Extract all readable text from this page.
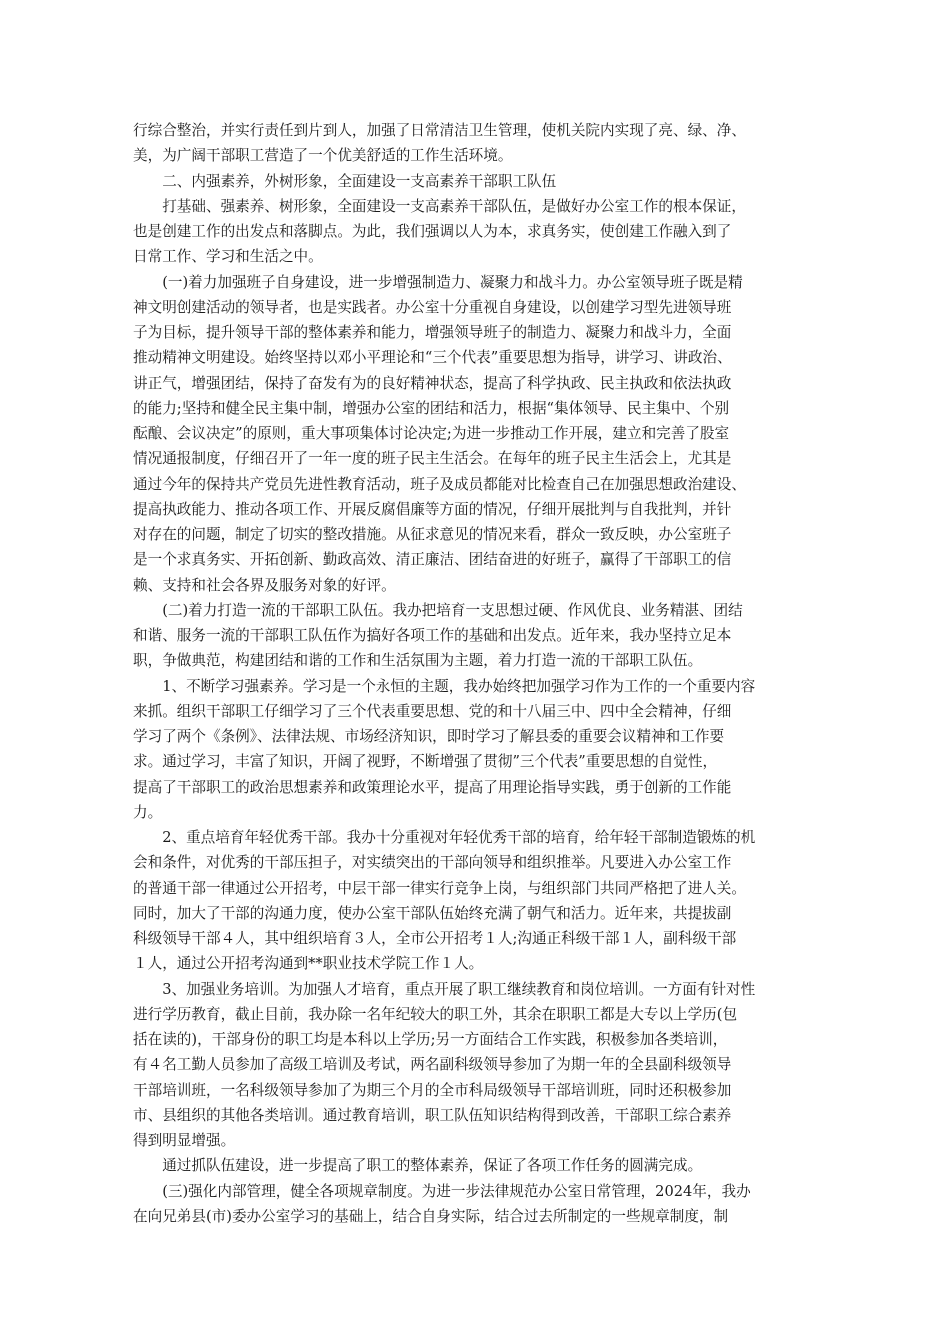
行综合整治，并实行责任到片到人，加强了日常清洁卫生管理，使机关院内实现了亮、绿、净、
美，为广阔干部职工营造了一个优美舒适的工作生活环境。

二、内强素养，外树形象，全面建设一支高素养干部职工队伍

打基础、强素养、树形象，全面建设一支高素养干部队伍，是做好办公室工作的根本保证，
也是创建工作的出发点和落脚点。为此，我们强调以人为本，求真务实，使创建工作融入到了
日常工作、学习和生活之中。

(一)着力加强班子自身建设，进一步增强制造力、凝聚力和战斗力。办公室领导班子既是精
神文明创建活动的领导者，也是实践者。办公室十分重视自身建设，以创建学习型先进领导班
子为目标，提升领导干部的整体素养和能力，增强领导班子的制造力、凝聚力和战斗力，全面
推动精神文明建设。始终坚持以邓小平理论和“三个代表”重要思想为指导，讲学习、讲政治、
讲正气，增强团结，保持了奋发有为的良好精神状态，提高了科学执政、民主执政和依法执政
的能力;坚持和健全民主集中制，增强办公室的团结和活力，根据“集体领导、民主集中、个别
酝酿、会议决定”的原则，重大事项集体讨论决定;为进一步推动工作开展，建立和完善了股室
情况通报制度，仔细召开了一年一度的班子民主生活会。在每年的班子民主生活会上，尤其是
通过今年的保持共产党员先进性教育活动，班子及成员都能对比检查自己在加强思想政治建设、
提高执政能力、推动各项工作、开展反腐倡廉等方面的情况，仔细开展批判与自我批判，并针
对存在的问题，制定了切实的整改措施。从征求意见的情况来看，群众一致反映，办公室班子
是一个求真务实、开拓创新、勤政高效、清正廉洁、团结奋进的好班子，赢得了干部职工的信
赖、支持和社会各界及服务对象的好评。

(二)着力打造一流的干部职工队伍。我办把培育一支思想过硬、作风优良、业务精湛、团结
和谐、服务一流的干部职工队伍作为搞好各项工作的基础和出发点。近年来，我办坚持立足本
职，争做典范，构建团结和谐的工作和生活氛围为主题，着力打造一流的干部职工队伍。

1、不断学习强素养。学习是一个永恒的主题，我办始终把加强学习作为工作的一个重要内容
来抓。组织干部职工仔细学习了三个代表重要思想、党的和十八届三中、四中全会精神，仔细
学习了两个《条例》、法律法规、市场经济知识，即时学习了解县委的重要会议精神和工作要
求。通过学习，丰富了知识，开阔了视野，不断增强了贯彻”三个代表”重要思想的自觉性，
提高了干部职工的政治思想素养和政策理论水平，提高了用理论指导实践，勇于创新的工作能
力。

2、重点培育年轻优秀干部。我办十分重视对年轻优秀干部的培育，给年轻干部制造锻炼的机
会和条件，对优秀的干部压担子，对实绩突出的干部向领导和组织推举。凡要进入办公室工作
的普通干部一律通过公开招考，中层干部一律实行竞争上岗，与组织部门共同严格把了进人关。
同时，加大了干部的沟通力度，使办公室干部队伍始终充满了朝气和活力。近年来，共提拔副
科级领导干部４人，其中组织培育３人，全市公开招考１人;沟通正科级干部１人，副科级干部
１人，通过公开招考沟通到**职业技术学院工作１人。

3、加强业务培训。为加强人才培育，重点开展了职工继续教育和岗位培训。一方面有针对性
进行学历教育，截止目前，我办除一名年纪较大的职工外，其余在职职工都是大专以上学历(包
括在读的)，干部身份的职工均是本科以上学历;另一方面结合工作实践，积极参加各类培训，
有４名工勤人员参加了高级工培训及考试，两名副科级领导参加了为期一年的全县副科级领导
干部培训班，一名科级领导参加了为期三个月的全市科局级领导干部培训班，同时还积极参加
市、县组织的其他各类培训。通过教育培训，职工队伍知识结构得到改善，干部职工综合素养
得到明显增强。

通过抓队伍建设，进一步提高了职工的整体素养，保证了各项工作任务的圆满完成。

(三)强化内部管理，健全各项规章制度。为进一步法律规范办公室日常管理，2024年，我办
在向兄弟县(市)委办公室学习的基础上，结合自身实际，结合过去所制定的一些规章制度，制
